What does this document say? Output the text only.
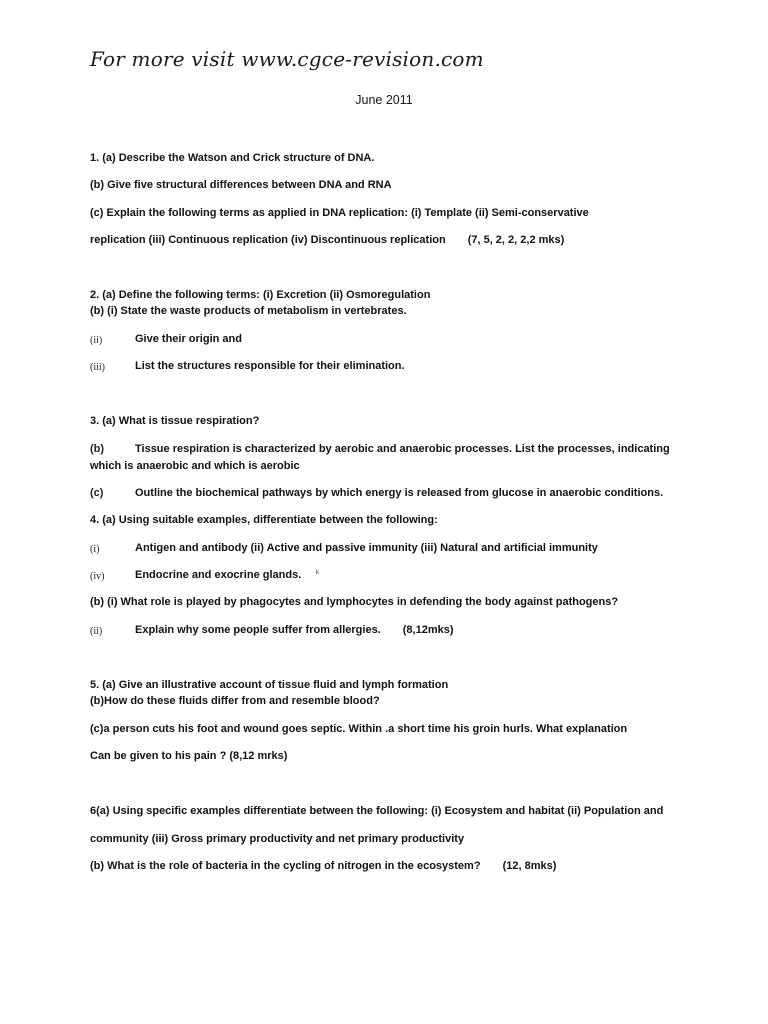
For more visit www.cgce-revision.com
June 2011
1. (a) Describe the Watson and Crick structure of DNA.
(b) Give five structural differences between DNA and RNA
(c) Explain the following terms as applied in DNA replication: (i) Template (ii) Semi-conservative
replication (iii) Continuous replication (iv) Discontinuous replication (7, 5, 2, 2, 2,2 mks)
2. (a) Define the following terms: (i) Excretion (ii) Osmoregulation
(b) (i) State the waste products of metabolism in vertebrates.
(ii)	Give their origin and
(iii)	List the structures responsible for their elimination.
3. (a) What is tissue respiration?
(b)	Tissue respiration is characterized by aerobic and anaerobic processes. List the processes, indicating
which is anaerobic and which is aerobic
(c)	Outline the biochemical pathways by which energy is released from glucose in anaerobic conditions.
4. (a) Using suitable examples, differentiate between the following:
(i)	Antigen and antibody (ii) Active and passive immunity (iii) Natural and artificial immunity
(iv)	Endocrine and exocrine glands. k
(b) (i) What role is played by phagocytes and lymphocytes in defending the body against pathogens?
(ii)	Explain why some people suffer from allergies. (8,12mks)
5. (a) Give an illustrative account of tissue fluid and lymph formation
(b)How do these fluids differ from and resemble blood?
(c)a person cuts his foot and wound goes septic. Within .a short time his groin hurls. What explanation
Can be given to his pain ? (8,12 mrks)
6(a) Using specific examples differentiate between the following: (i) Ecosystem and habitat (ii) Population and
community (iii) Gross primary productivity and net primary productivity
(b) What is the role of bacteria in the cycling of nitrogen in the ecosystem? (12, 8mks)
